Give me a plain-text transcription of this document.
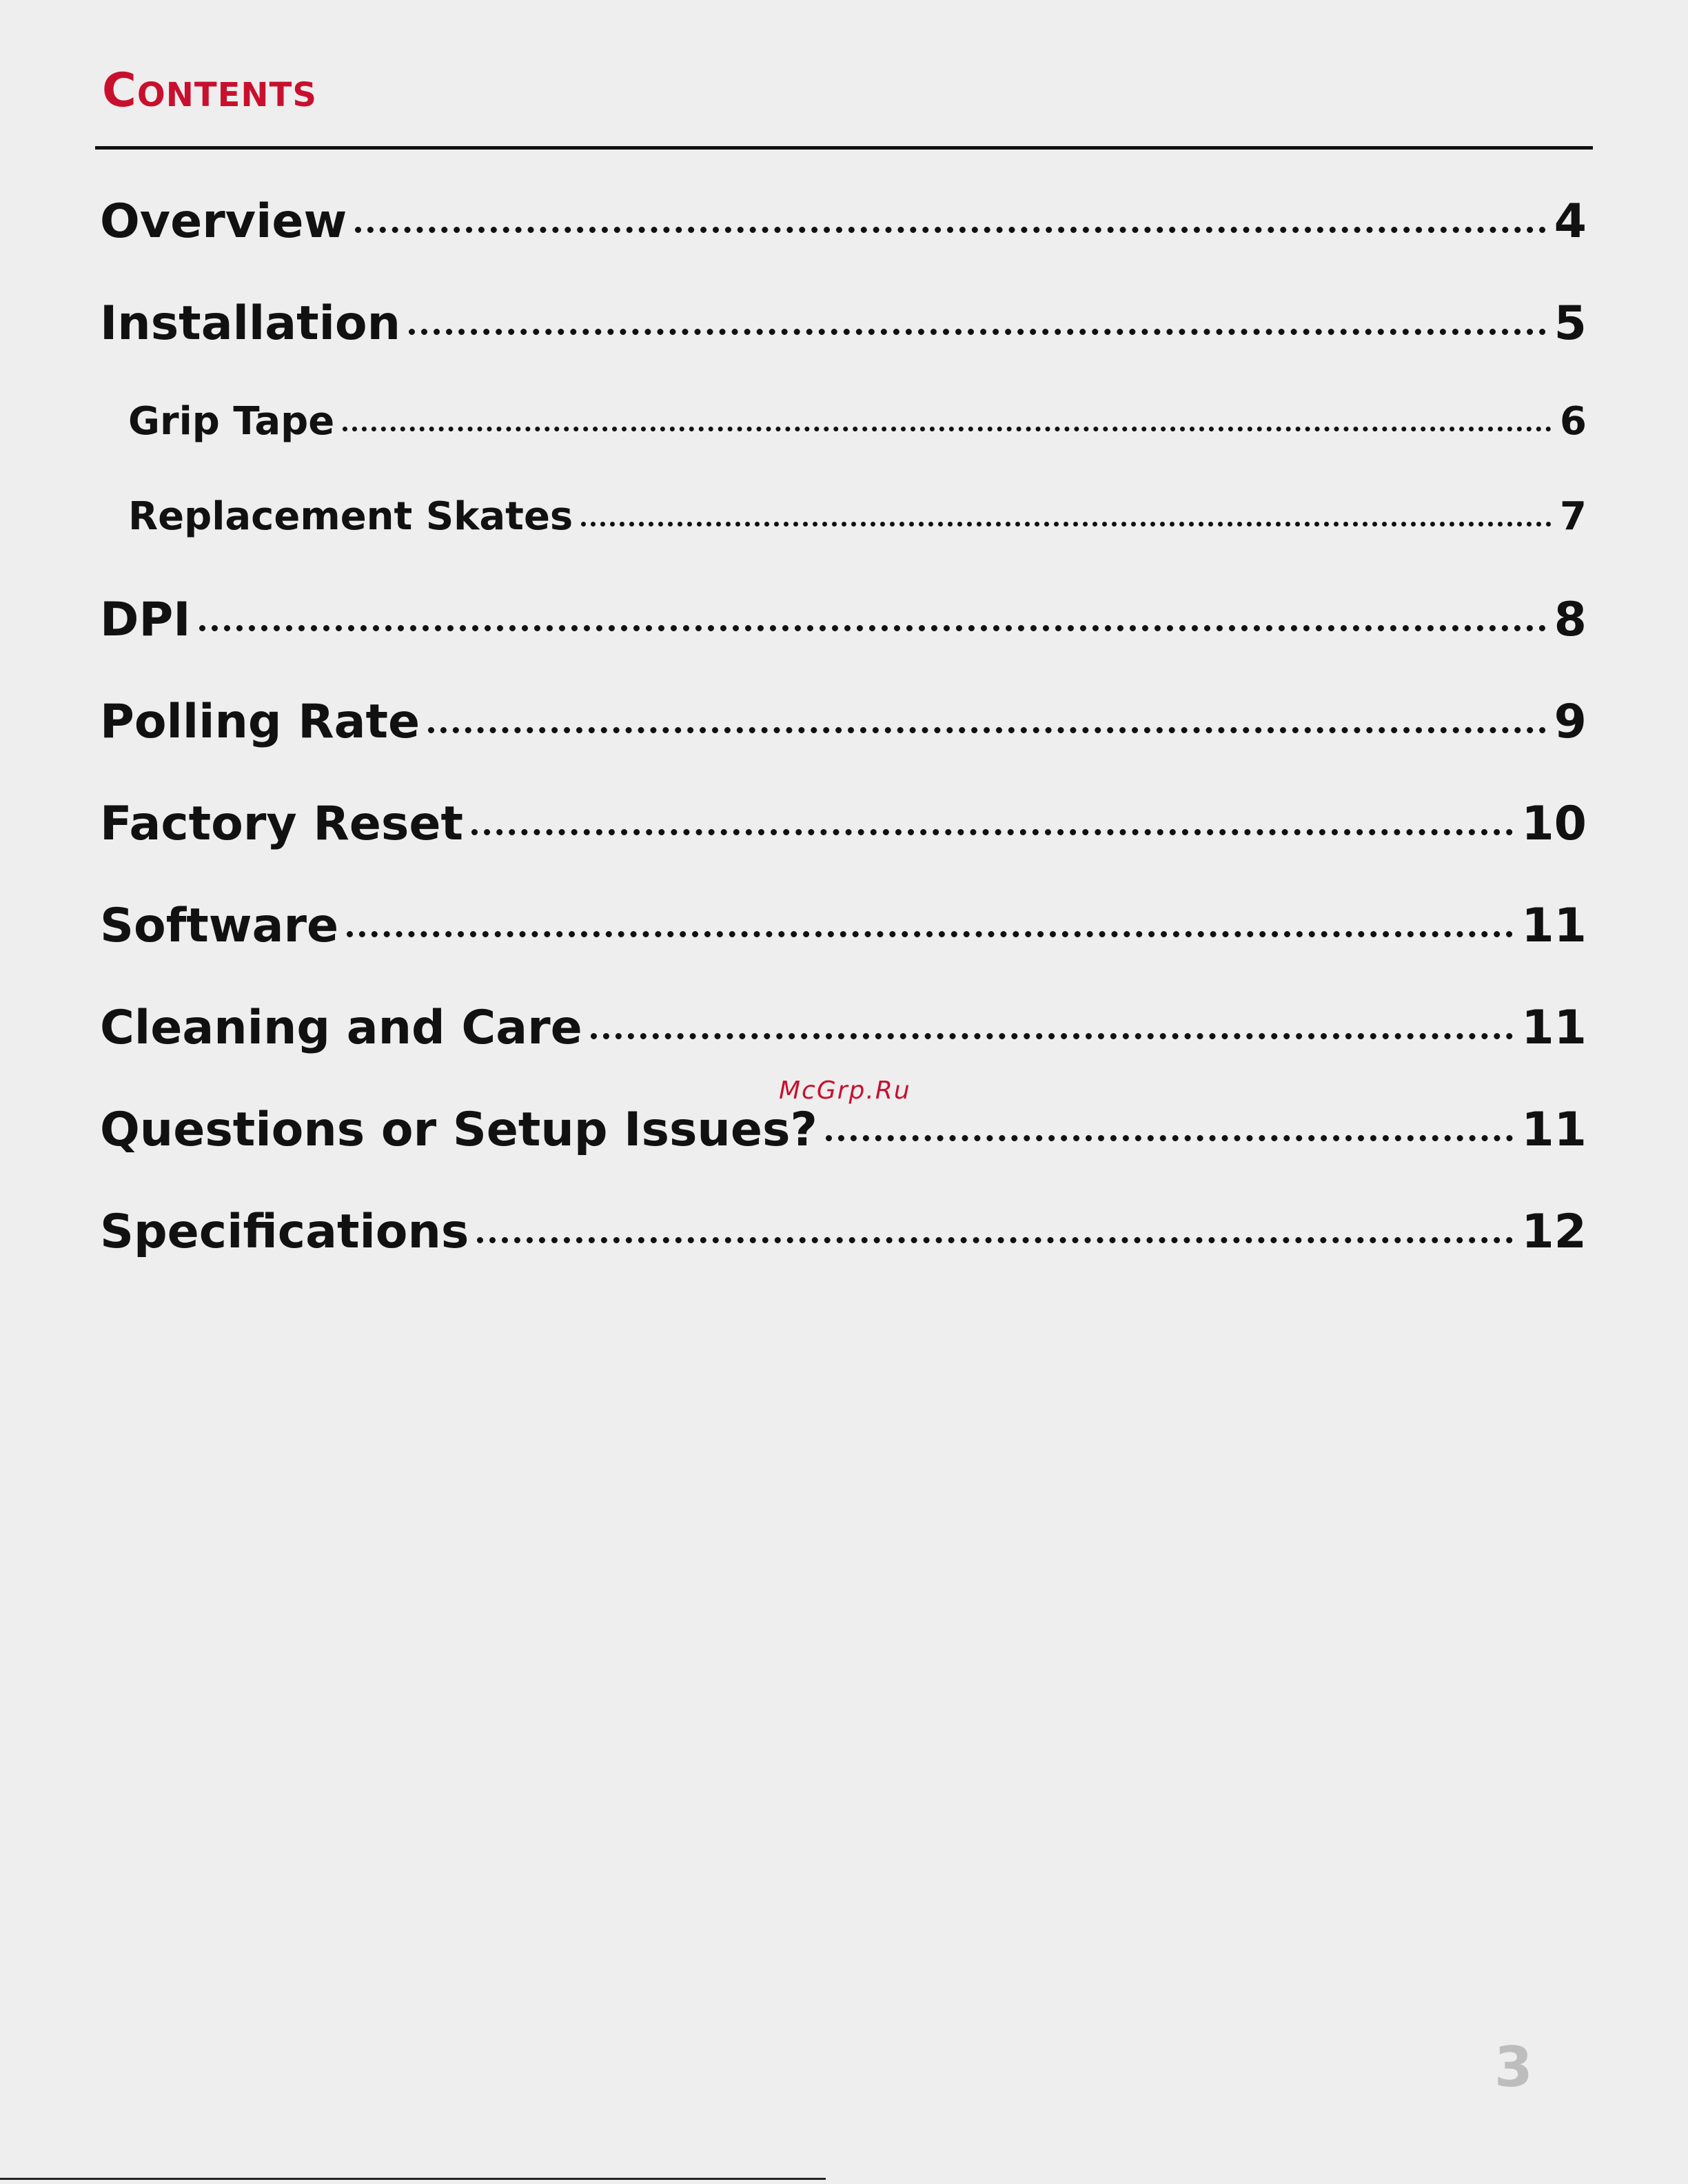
Contents
Overview	4
Installation	5
Grip Tape	6
Replacement Skates	7
DPI	8
Polling Rate	9
Factory Reset	10
Software	11
Cleaning and Care	11
Questions or Setup Issues?	11
Specifications	12
McGrp.Ru
3
